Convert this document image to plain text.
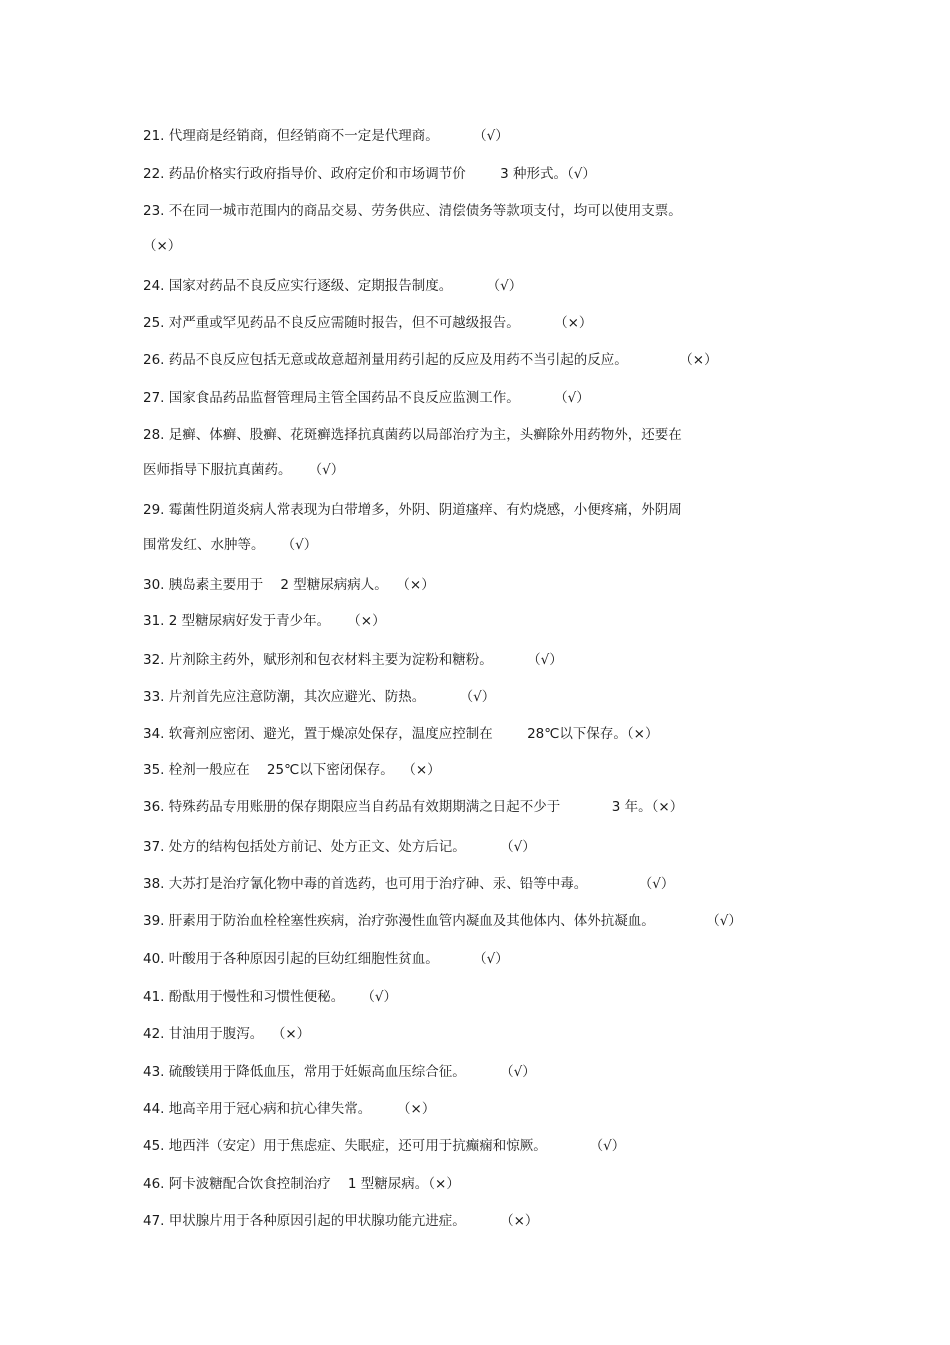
21. 代理商是经销商，但经销商不一定是代理商。        （√）
22. 药品价格实行政府指导价、政府定价和市场调节价        3 种形式。（√）
23. 不在同一城市范围内的商品交易、劳务供应、清偿债务等款项支付，均可以使用支票。
（×）
24. 国家对药品不良反应实行逐级、定期报告制度。        （√）
25. 对严重或罕见药品不良反应需随时报告，但不可越级报告。        （×）
26. 药品不良反应包括无意或故意超剂量用药引起的反应及用药不当引起的反应。            （×）
27. 国家食品药品监督管理局主管全国药品不良反应监测工作。        （√）
28. 足癣、体癣、股癣、花斑癣选择抗真菌药以局部治疗为主，头癣除外用药物外，还要在
医师指导下服抗真菌药。    （√）
29. 霉菌性阴道炎病人常表现为白带增多，外阴、阴道瘙痒、有灼烧感，小便疼痛，外阴周
围常发红、水肿等。    （√）
30. 胰岛素主要用于    2 型糖尿病病人。  （×）
31. 2 型糖尿病好发于青少年。    （×）
32. 片剂除主药外，赋形剂和包衣材料主要为淀粉和糖粉。        （√）
33. 片剂首先应注意防潮，其次应避光、防热。        （√）
34. 软膏剂应密闭、避光，置于燥凉处保存，温度应控制在        28℃以下保存。（×）
35. 栓剂一般应在    25℃以下密闭保存。  （×）
36. 特殊药品专用账册的保存期限应当自药品有效期期满之日起不少于            3 年。（×）
37. 处方的结构包括处方前记、处方正文、处方后记。        （√）
38. 大苏打是治疗氰化物中毒的首选药，也可用于治疗砷、汞、铅等中毒。            （√）
39. 肝素用于防治血栓栓塞性疾病，治疗弥漫性血管内凝血及其他体内、体外抗凝血。            （√）
40. 叶酸用于各种原因引起的巨幼红细胞性贫血。        （√）
41. 酚酞用于慢性和习惯性便秘。    （√）
42. 甘油用于腹泻。  （×）
43. 硫酸镁用于降低血压，常用于妊娠高血压综合征。        （√）
44. 地高辛用于冠心病和抗心律失常。      （×）
45. 地西泮（安定）用于焦虑症、失眠症，还可用于抗癫痫和惊厥。          （√）
46. 阿卡波糖配合饮食控制治疗    1 型糖尿病。（×）
47. 甲状腺片用于各种原因引起的甲状腺功能亢进症。        （×）
